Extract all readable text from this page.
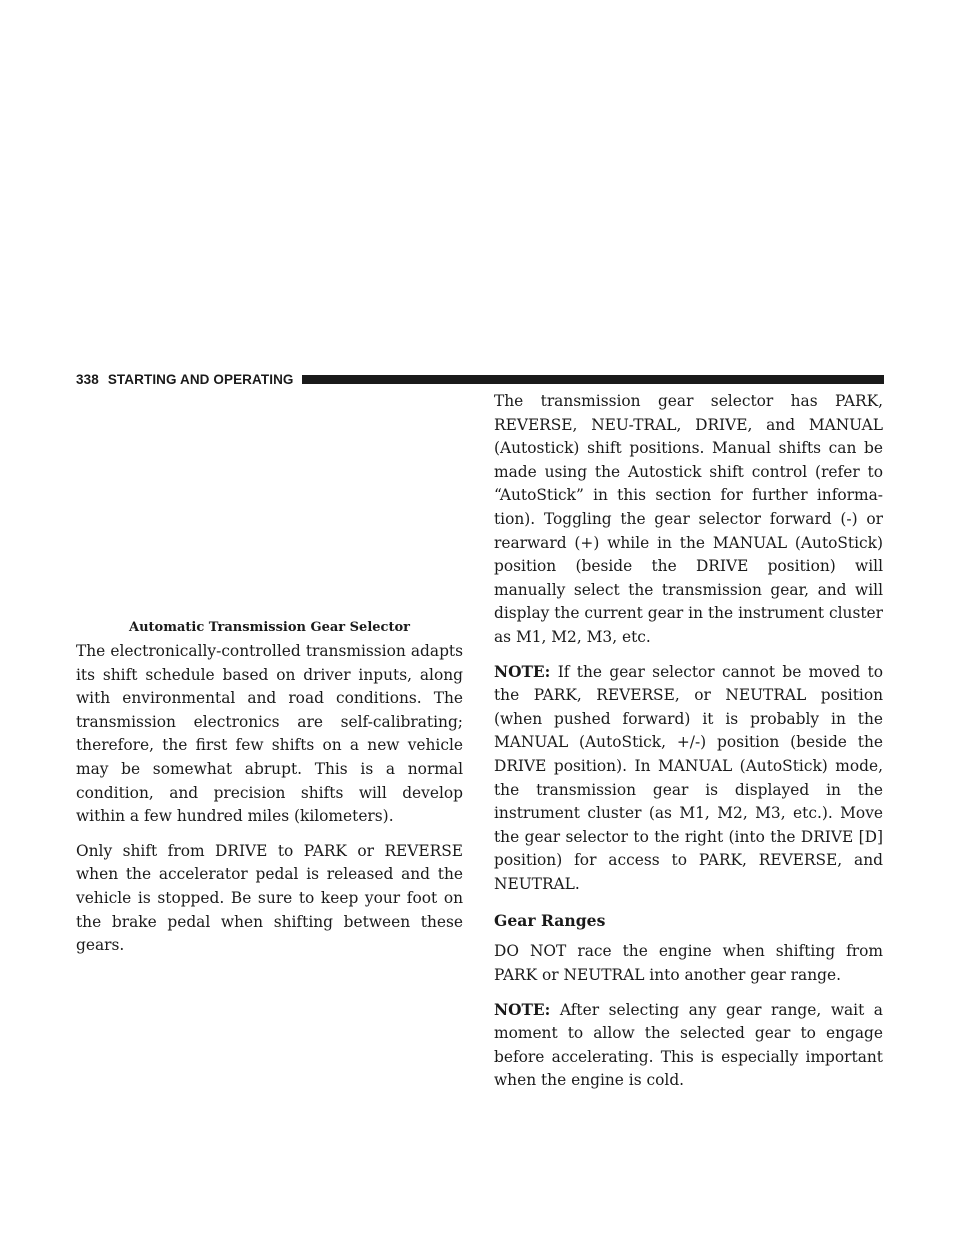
338 STARTING AND OPERATING
Automatic Transmission Gear Selector

The electronically-controlled transmission adapts its shift schedule based on driver inputs, along with environmental and road conditions. The transmission electronics are self-calibrating; therefore, the first few shifts on a new vehicle may be somewhat abrupt. This is a normal condition, and precision shifts will develop within a few hundred miles (kilometers).

Only shift from DRIVE to PARK or REVERSE when the accelerator pedal is released and the vehicle is stopped. Be sure to keep your foot on the brake pedal when shifting between these gears.

The transmission gear selector has PARK, REVERSE, NEU-TRAL, DRIVE, and MANUAL (Autostick) shift positions. Manual shifts can be made using the Autostick shift control (refer to “AutoStick” in this section for further informa-tion). Toggling the gear selector forward (-) or rearward (+) while in the MANUAL (AutoStick) position (beside the DRIVE position) will manually select the transmission gear, and will display the current gear in the instrument cluster as M1, M2, M3, etc.

NOTE: If the gear selector cannot be moved to the PARK, REVERSE, or NEUTRAL position (when pushed forward) it is probably in the MANUAL (AutoStick, +/-) position (beside the DRIVE position). In MANUAL (AutoStick) mode, the transmission gear is displayed in the instrument cluster (as M1, M2, M3, etc.). Move the gear selector to the right (into the DRIVE [D] position) for access to PARK, REVERSE, and NEUTRAL.

Gear Ranges

DO NOT race the engine when shifting from PARK or NEUTRAL into another gear range.

NOTE: After selecting any gear range, wait a moment to allow the selected gear to engage before accelerating. This is especially important when the engine is cold.
